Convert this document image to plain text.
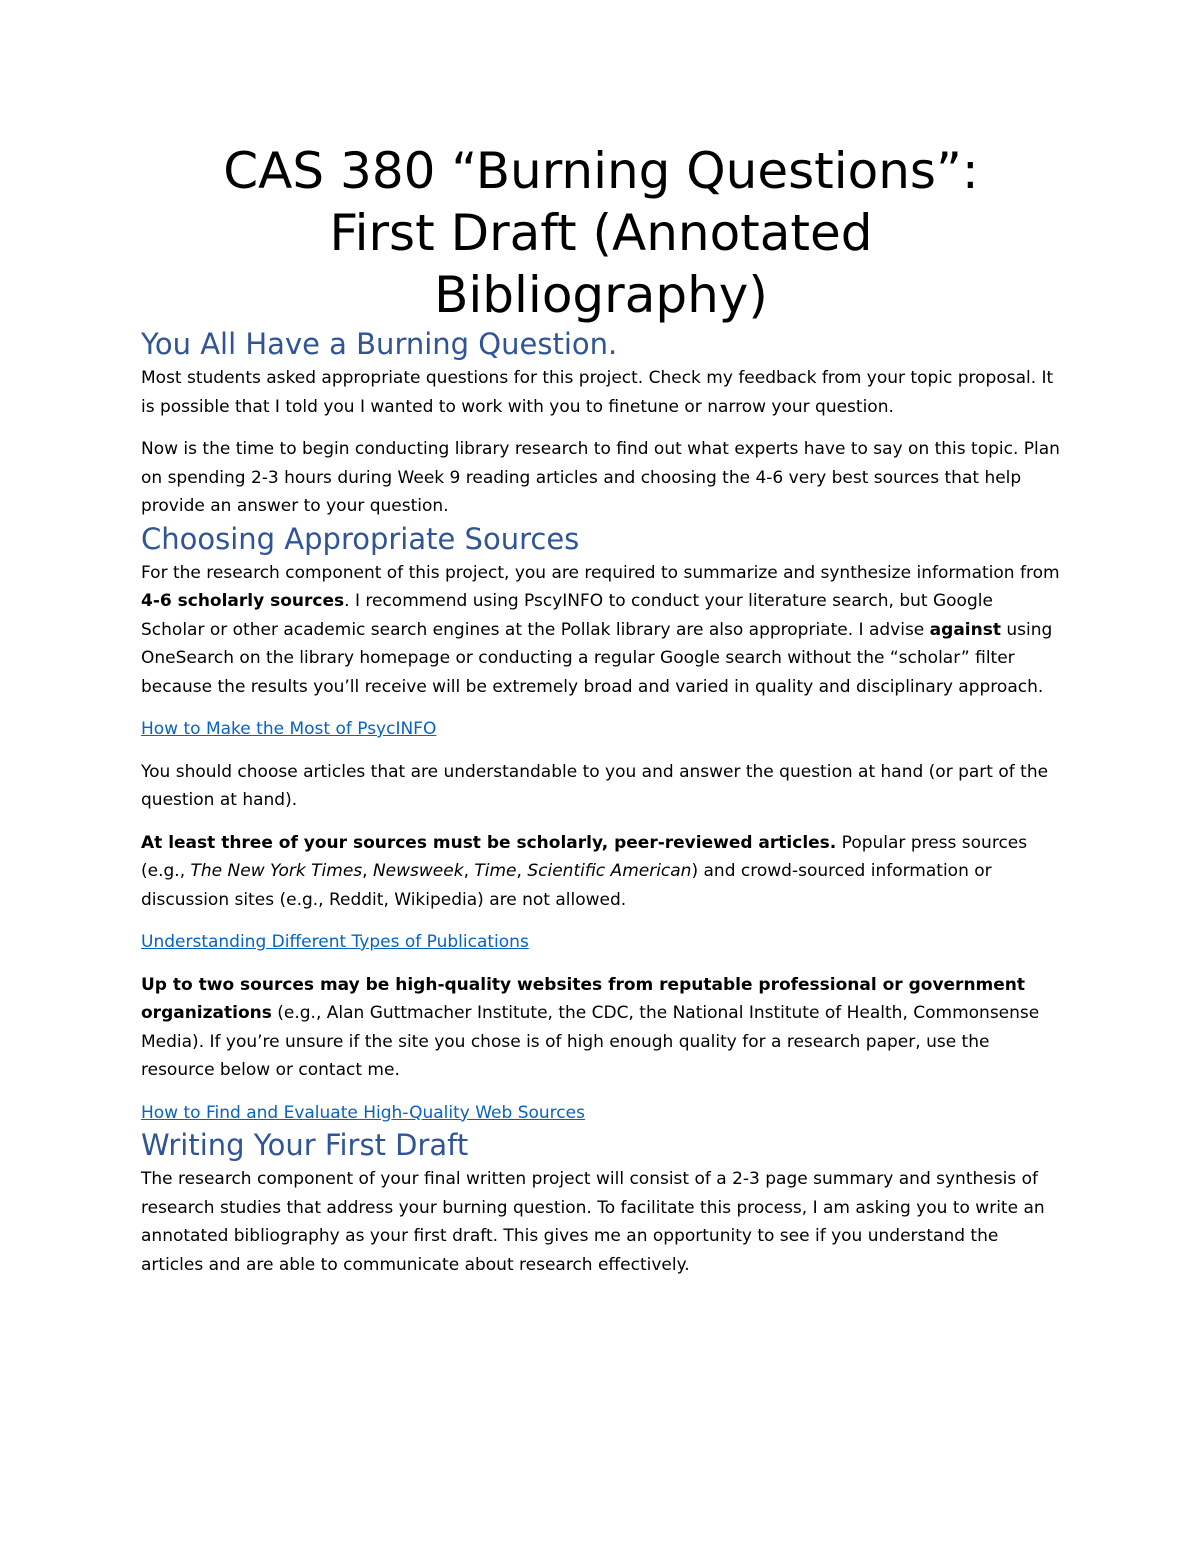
CAS 380 “Burning Questions”:
First Draft (Annotated
Bibliography)
You All Have a Burning Question.

Most students asked appropriate questions for this project. Check my feedback from your topic proposal. It is possible that I told you I wanted to work with you to finetune or narrow your question.

Now is the time to begin conducting library research to find out what experts have to say on this topic. Plan on spending 2-3 hours during Week 9 reading articles and choosing the 4-6 very best sources that help provide an answer to your question.

Choosing Appropriate Sources

For the research component of this project, you are required to summarize and synthesize information from 4-6 scholarly sources. I recommend using PscyINFO to conduct your literature search, but Google Scholar or other academic search engines at the Pollak library are also appropriate. I advise against using OneSearch on the library homepage or conducting a regular Google search without the “scholar” filter because the results you’ll receive will be extremely broad and varied in quality and disciplinary approach.

How to Make the Most of PsycINFO

You should choose articles that are understandable to you and answer the question at hand (or part of the question at hand).

At least three of your sources must be scholarly, peer-reviewed articles. Popular press sources (e.g., The New York Times, Newsweek, Time, Scientific American) and crowd-sourced information or discussion sites (e.g., Reddit, Wikipedia) are not allowed.

Understanding Different Types of Publications

Up to two sources may be high-quality websites from reputable professional or government organizations (e.g., Alan Guttmacher Institute, the CDC, the National Institute of Health, Commonsense Media). If you’re unsure if the site you chose is of high enough quality for a research paper, use the resource below or contact me.

How to Find and Evaluate High-Quality Web Sources

Writing Your First Draft

The research component of your final written project will consist of a 2-3 page summary and synthesis of research studies that address your burning question. To facilitate this process, I am asking you to write an annotated bibliography as your first draft. This gives me an opportunity to see if you understand the articles and are able to communicate about research effectively.
